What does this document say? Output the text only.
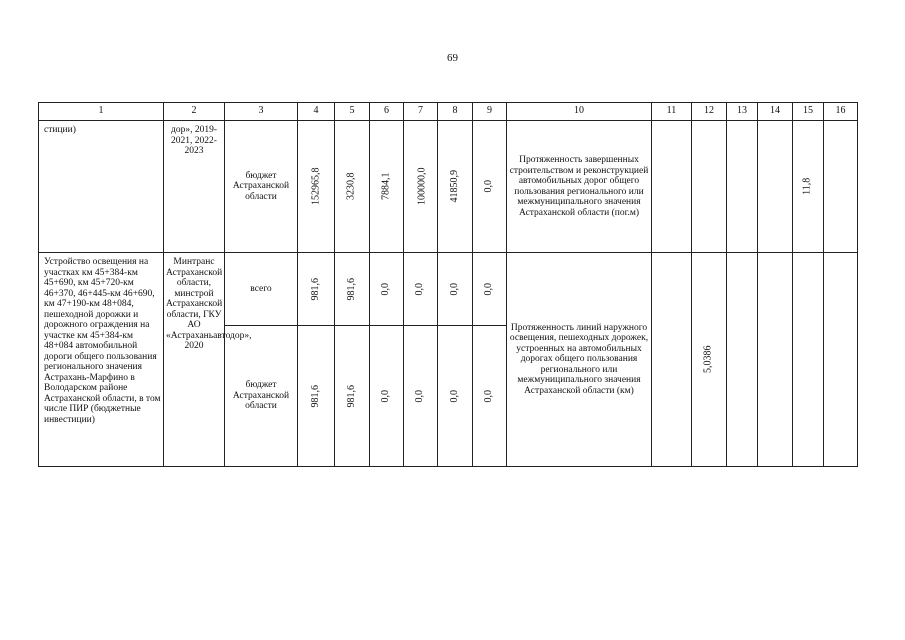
69
1	2	3	4	5	6	7	8	9	10	11	12	13	14	15	16

стиции)	дор», 2019-2021, 2022-2023	бюджет Астраханской области	152965,8	3230,8	7884,1	100000,0	41850,9	0,0	Протяженность завершенных строительством и реконструкцией автомобильных дорог общего пользования регионального или межмуниципального значения Астраханской области (пог.м)					11,8	

Устройство освещения на участках км 45+384-км 45+690, км 45+720-км 46+370, 46+445-км 46+690, км 47+190-км 48+084, пешеходной дорожки и дорожного ограждения на участке км 45+384-км 48+084 автомобильной дороги общего пользования регионального значения Астрахань-Марфино в Володарском районе Астраханской области, в том числе ПИР (бюджетные инвестиции)	Минтранс Астраханской области, минстрой Астраханской области, ГКУ АО «Астраханьавтодор», 2020	всего	981,6	981,6	0,0	0,0	0,0	0,0	Протяженность линий наружного освещения, пешеходных дорожек, устроенных на автомобильных дорогах общего пользования регионального или межмуниципального значения Астраханской области (км)		5,0386				

		бюджет Астраханской области	981,6	981,6	0,0	0,0	0,0	0,0							
